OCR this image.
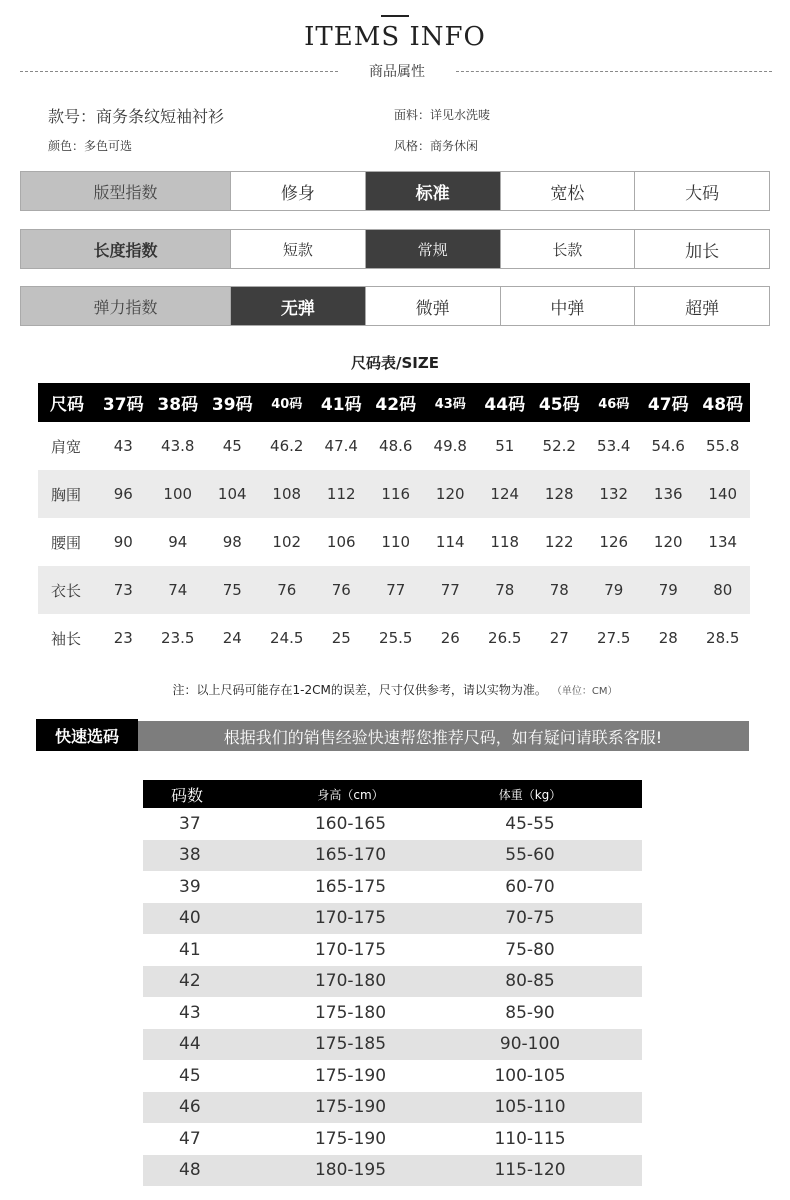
ITEMS INFO
商品属性
款号：商务条纹短袖衬衫	面料：详见水洗唛
颜色：多色可选	风格：商务休闲
版型指数	修身	标准	宽松	大码
长度指数	短款	常规	长款	加长
弹力指数	无弹	微弹	中弹	超弹
尺码表/SIZE
尺码	37码	38码	39码	40码	41码	42码	43码	44码	45码	46码	47码	48码
肩宽	43	43.8	45	46.2	47.4	48.6	49.8	51	52.2	53.4	54.6	55.8
胸围	96	100	104	108	112	116	120	124	128	132	136	140
腰围	90	94	98	102	106	110	114	118	122	126	120	134
衣长	73	74	75	76	76	77	77	78	78	79	79	80
袖长	23	23.5	24	24.5	25	25.5	26	26.5	27	27.5	28	28.5
注：以上尺码可能存在1-2CM的误差，尺寸仅供参考，请以实物为准。 （单位：CM）
根据我们的销售经验快速帮您推荐尺码，如有疑问请联系客服!
快速选码
码数	身高（cm）	体重（kg）
37	160-165	45-55
38	165-170	55-60
39	165-175	60-70
40	170-175	70-75
41	170-175	75-80
42	170-180	80-85
43	175-180	85-90
44	175-185	90-100
45	175-190	100-105
46	175-190	105-110
47	175-190	110-115
48	180-195	115-120
